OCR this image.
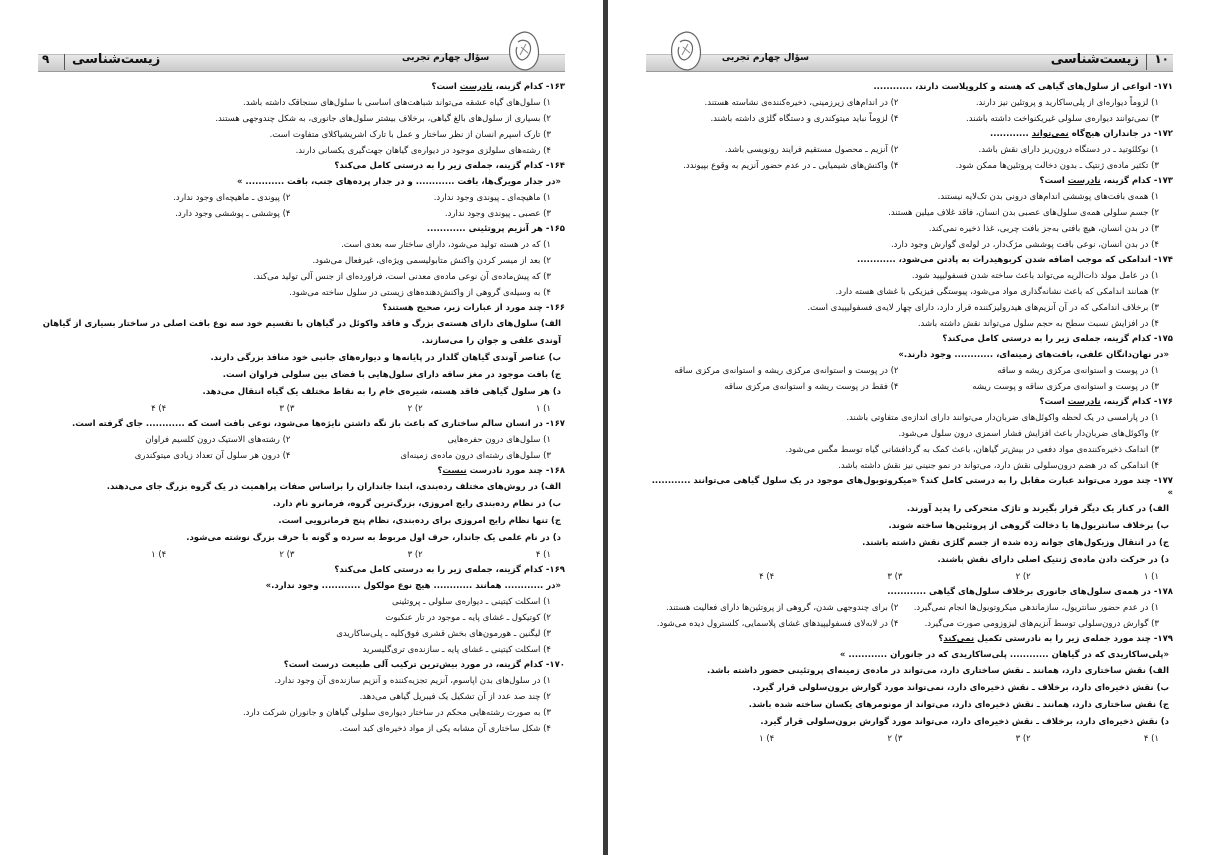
۹ زیست‌شناسی	سؤال چهارم تجربی
۱۶۳- کدام گزینه، نادرست است؟
۱) سلول‌های گیاه عشقه می‌تواند شباهت‌های اساسی با سلول‌های سنجاقک داشته باشد.
۲) بسیاری از سلول‌های بالغ گیاهی، برخلاف بیشتر سلول‌های جانوری، به شکل چندوجهی هستند.
۳) تارک اسپرم انسان از نظر ساختار و عمل با تارک اشریشیاکلای متفاوت است.
۴) رشته‌های سلولزی موجود در دیواره‌ی گیاهان جهت‌گیری یکسانی دارند.
۱۶۴- کدام گزینه، جمله‌ی زیر را به درستی کامل می‌کند؟
«در جدار مویرگ‌ها، بافت ............ و در جدار پرده‌های جنب، بافت ............ »
۱) ماهیچه‌ای ـ پیوندی وجود ندارد.
۲) پیوندی ـ ماهیچه‌ای وجود ندارد.
۳) عصبی ـ پیوندی وجود ندارد.
۴) پوششی ـ پوششی وجود دارد.
۱۶۵- هر آنزیم پروتئینی ............
۱) که در هسته تولید می‌شود، دارای ساختار سه بعدی است.
۲) بعد از میسر کردن واکنش متابولیسمی ویژه‌ای، غیرفعال می‌شود.
۳) که پیش‌ماده‌ی آن نوعی ماده‌ی معدنی است، فراورده‌ای از جنس آلی تولید می‌کند.
۴) به وسیله‌ی گروهی از واکنش‌دهنده‌های زیستی در سلول ساخته می‌شود.
۱۶۶- چند مورد از عبارات زیر، صحیح هستند؟
الف) سلول‌های دارای هسته‌ی بزرگ و فاقد واکوئل در گیاهان با تقسیم خود سه نوع بافت اصلی در ساختار بسیاری از گیاهان آوندی علفی و جوان را می‌سازند.
ب) عناصر آوندی گیاهان گلدار در پایانه‌ها و دیواره‌های جانبی خود منافذ بزرگی دارند.
ج) بافت موجود در مغز ساقه دارای سلول‌هایی با فضای بین سلولی فراوان است.
د) هر سلول گیاهی فاقد هسته، شیره‌ی خام را به نقاط مختلف یک گیاه انتقال می‌دهد.
۱) ۱
۲) ۲
۳) ۳
۴) ۴
۱۶۷- در انسان سالم ساختاری که باعث باز نگه داشتن نایژه‌ها می‌شود، نوعی بافت است که ............ جای گرفته است.
۱) سلول‌های درون حفره‌هایی
۲) رشته‌های الاستیک درون کلسیم فراوان
۳) سلول‌های رشته‌ای درون ماده‌ی زمینه‌ای
۴) درون هر سلول آن تعداد زیادی میتوکندری
۱۶۸- چند مورد نادرست نیست؟
الف) در روش‌های مختلف رده‌بندی، ابتدا جانداران را براساس صفات پراهمیت در یک گروه بزرگ جای می‌دهند.
ب) در نظام رده‌بندی رایج امروزی، بزرگ‌ترین گروه، فرمانرو نام دارد.
ج) تنها نظام رایج امروزی برای رده‌بندی، نظام پنج فرمانرویی است.
د) در نام علمی یک جاندار، حرف اول مربوط به سرده و گونه با حرف بزرگ نوشته می‌شود.
۱) ۴
۲) ۳
۳) ۲
۴) ۱
۱۶۹- کدام گزینه، جمله‌ی زیر را به درستی کامل می‌کند؟
«در ............ همانند ............ هیچ نوع مولکول ............ وجود ندارد.»
۱) اسکلت کیتینی ـ دیواره‌ی سلولی ـ پروتئینی
۲) کوتیکول ـ غشای پایه ـ موجود در تار عنکبوت
۳) لیگنین ـ هورمون‌های بخش قشری فوق‌کلیه ـ پلی‌ساکاریدی
۴) اسکلت کیتینی ـ غشای پایه ـ سازنده‌ی تری‌گلیسرید
۱۷۰- کدام گزینه، در مورد بیش‌ترین ترکیب آلی طبیعت درست است؟
۱) در سلول‌های بدن اپاسوم، آنزیم تجزیه‌کننده و آنزیم سازنده‌ی آن وجود ندارد.
۲) چند صد عدد از آن تشکیل یک فیبریل گیاهی می‌دهد.
۳) به صورت رشته‌هایی محکم در ساختار دیواره‌ی سلولی گیاهان و جانوران شرکت دارد.
۴) شکل ساختاری آن مشابه یکی از مواد ذخیره‌ای کبد است.
زیست‌شناسی ۱۰
سؤال چهارم تجربی
۱۷۱- انواعی از سلول‌های گیاهی که هسته و کلروپلاست دارند، ............
۱) لزوماً دیواره‌ای از پلی‌ساکارید و پروتئین نیز دارند.
۲) در اندام‌های زیرزمینی، ذخیره‌کننده‌ی نشاسته هستند.
۳) نمی‌توانند دیواره‌ی سلولی غیریکنواخت داشته باشند.
۴) لزوماً نباید میتوکندری و دستگاه گلژی داشته باشند.
۱۷۲- در جانداران هیچ‌گاه نمی‌تواند ............
۱) نوکلئوتید ـ در دستگاه درون‌ریز دارای نقش باشد.
۲) آنزیم ـ محصول مستقیم فرایند رونویسی باشد.
۳) تکثیر ماده‌ی ژنتیک ـ بدون دخالت پروتئین‌ها ممکن شود.
۴) واکنش‌های شیمیایی ـ در عدم حضور آنزیم به وقوع بپیوندد.
۱۷۳- کدام گزینه، نادرست است؟
۱) همه‌ی بافت‌های پوششی اندام‌های درونی بدن تک‌لایه نیستند.
۲) جسم سلولی همه‌ی سلول‌های عصبی بدن انسان، فاقد غلاف میلین هستند.
۳) در بدن انسان، هیچ بافتی به‌جز بافت چربی، غذا ذخیره نمی‌کند.
۴) در بدن انسان، نوعی بافت پوششی مژک‌دار، در لوله‌ی گوارش وجود دارد.
۱۷۴- اندامکی که موجب اضافه شدن کربوهیدرات به پادتن می‌شود، ............
۱) در عامل مولد ذات‌الریه می‌تواند باعث ساخته شدن فسفولیپید شود.
۲) همانند اندامکی که باعث نشانه‌گذاری مواد می‌شود، پیوستگی فیزیکی با غشای هسته دارد.
۳) برخلاف اندامکی که در آن آنزیم‌های هیدرولیزکننده قرار دارد، دارای چهار لایه‌ی فسفولیپیدی است.
۴) در افزایش نسبت سطح به حجم سلول می‌تواند نقش داشته باشد.
۱۷۵- کدام گزینه، جمله‌ی زیر را به درستی کامل می‌کند؟
«در نهان‌دانگان علفی، بافت‌های زمینه‌ای، ............ وجود دارند.»
۱) در پوست و استوانه‌ی مرکزی ریشه و ساقه
۲) در پوست و استوانه‌ی مرکزی ریشه و استوانه‌ی مرکزی ساقه
۳) در پوست و استوانه‌ی مرکزی ساقه و پوست ریشه
۴) فقط در پوست ریشه و استوانه‌ی مرکزی ساقه
۱۷۶- کدام گزینه، نادرست است؟
۱) در پارامسی در یک لحظه واکوئل‌های ضربان‌دار می‌توانند دارای اندازه‌ی متفاوتی باشند.
۲) واکوئل‌های ضربان‌دار باعث افزایش فشار اسمزی درون سلول می‌شود.
۳) اندامک ذخیره‌کننده‌ی مواد دفعی در بیش‌تر گیاهان، باعث کمک به گردافشانی گیاه توسط مگس می‌شود.
۴) اندامکی که در هضم درون‌سلولی نقش دارد، می‌تواند در نمو جنینی نیز نقش داشته باشد.
۱۷۷- چند مورد می‌تواند عبارت مقابل را به درستی کامل کند؟ «میکروتوبول‌های موجود در یک سلول گیاهی می‌توانند ............ »
الف) در کنار یک دیگر قرار بگیرند و تاژک متحرکی را پدید آورند.
ب) برخلاف سانتریول‌ها با دخالت گروهی از پروتئین‌ها ساخته شوند.
ج) در انتقال وزیکول‌های جوانه زده شده از جسم گلژی نقش داشته باشند.
د) در حرکت دادن ماده‌ی ژنتیک اصلی دارای نقش باشند.
۱) ۱
۲) ۲
۳) ۳
۴) ۴
۱۷۸- در همه‌ی سلول‌های جانوری برخلاف سلول‌های گیاهی ............
۱) در عدم حضور سانتریول، سازماندهی میکروتوبول‌ها انجام نمی‌گیرد.
۲) برای چندوجهی شدن، گروهی از پروتئین‌ها دارای فعالیت هستند.
۳) گوارش درون‌سلولی توسط آنزیم‌های لیزوزومی صورت می‌گیرد.
۴) در لابه‌لای فسفولیپیدهای غشای پلاسمایی، کلسترول دیده می‌شود.
۱۷۹- چند مورد جمله‌ی زیر را به نادرستی تکمیل نمی‌کند؟
«پلی‌ساکاریدی که در گیاهان ............ پلی‌ساکاریدی که در جانوران ............ »
الف) نقش ساختاری دارد، همانند ـ نقش ساختاری دارد، می‌تواند در ماده‌ی زمینه‌ای پروتئینی حضور داشته باشد.
ب) نقش ذخیره‌ای دارد، برخلاف ـ نقش ذخیره‌ای دارد، نمی‌تواند مورد گوارش برون‌سلولی قرار گیرد.
ج) نقش ساختاری دارد، همانند ـ نقش ذخیره‌ای دارد، می‌تواند از مونومرهای یکسان ساخته شده باشد.
د) نقش ذخیره‌ای دارد، برخلاف ـ نقش ذخیره‌ای دارد، می‌تواند مورد گوارش برون‌سلولی قرار گیرد.
۱) ۴
۲) ۳
۳) ۲
۴) ۱
